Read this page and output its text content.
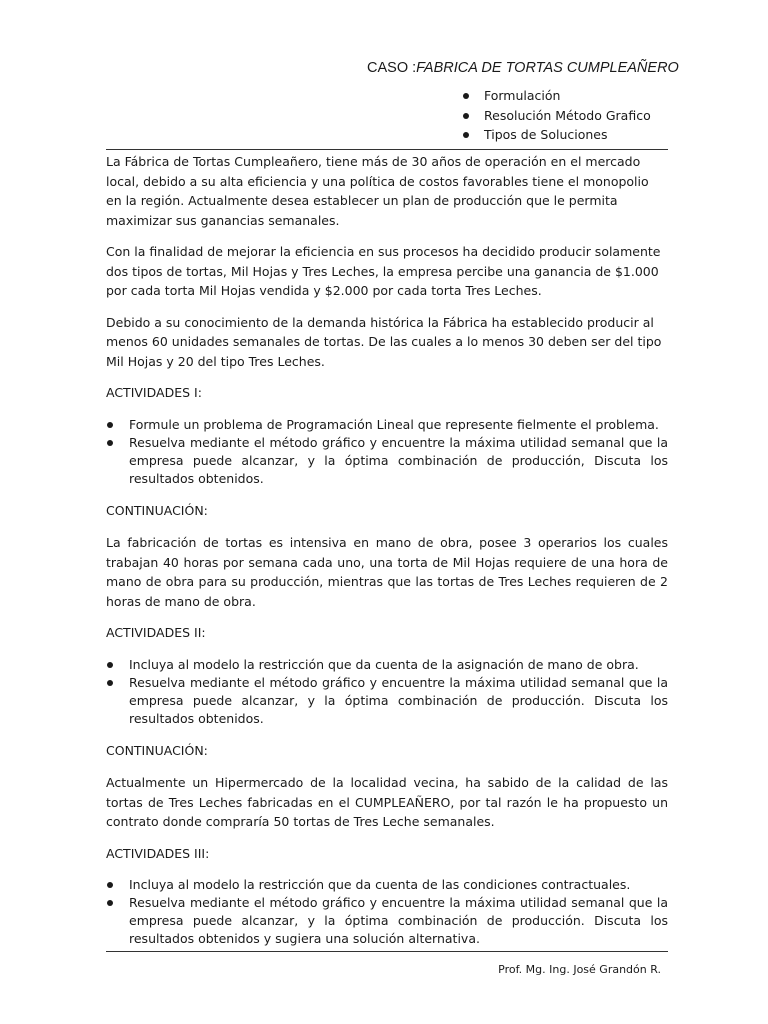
CASO :FABRICA DE TORTAS CUMPLEAÑERO
Formulación
Resolución Método Grafico
Tipos de Soluciones

La Fábrica de Tortas Cumpleañero, tiene más de 30 años de operación en el mercado local, debido a su alta eficiencia y una política de costos favorables tiene el monopolio en la región. Actualmente desea establecer un plan de producción que le permita maximizar sus ganancias semanales.

Con la finalidad de mejorar la eficiencia en sus procesos ha decidido producir solamente dos tipos de tortas, Mil Hojas y Tres Leches, la empresa percibe una ganancia de $1.000 por cada torta Mil Hojas vendida y $2.000 por cada torta Tres Leches.

Debido a su conocimiento de la demanda histórica la Fábrica ha establecido producir al menos 60 unidades semanales de tortas. De las cuales a lo menos 30 deben ser del tipo Mil Hojas y 20 del tipo Tres Leches.

ACTIVIDADES I:

Formule un problema de Programación Lineal que represente fielmente el problema.
Resuelva mediante el método gráfico y encuentre la máxima utilidad semanal que la empresa puede alcanzar, y la óptima combinación de producción, Discuta los resultados obtenidos.

CONTINUACIÓN:

La fabricación de tortas es intensiva en mano de obra, posee 3 operarios los cuales trabajan 40 horas por semana cada uno, una torta de Mil Hojas requiere de una hora de mano de obra para su producción, mientras que las tortas de Tres Leches requieren de 2 horas de mano de obra.

ACTIVIDADES II:

Incluya al modelo la restricción que da cuenta de la asignación de mano de obra.
Resuelva mediante el método gráfico y encuentre la máxima utilidad semanal que la empresa puede alcanzar, y la óptima combinación de producción. Discuta los resultados obtenidos.

CONTINUACIÓN:

Actualmente un Hipermercado de la localidad vecina, ha sabido de la calidad de las tortas de Tres Leches fabricadas en el CUMPLEAÑERO, por tal razón le ha propuesto un contrato donde compraría 50 tortas de Tres Leche semanales.

ACTIVIDADES III:

Incluya al modelo la restricción que da cuenta de las condiciones contractuales.
Resuelva mediante el método gráfico y encuentre la máxima utilidad semanal que la empresa puede alcanzar, y la óptima combinación de producción. Discuta los resultados obtenidos y sugiera una solución alternativa.
Prof. Mg. Ing. José Grandón R.
